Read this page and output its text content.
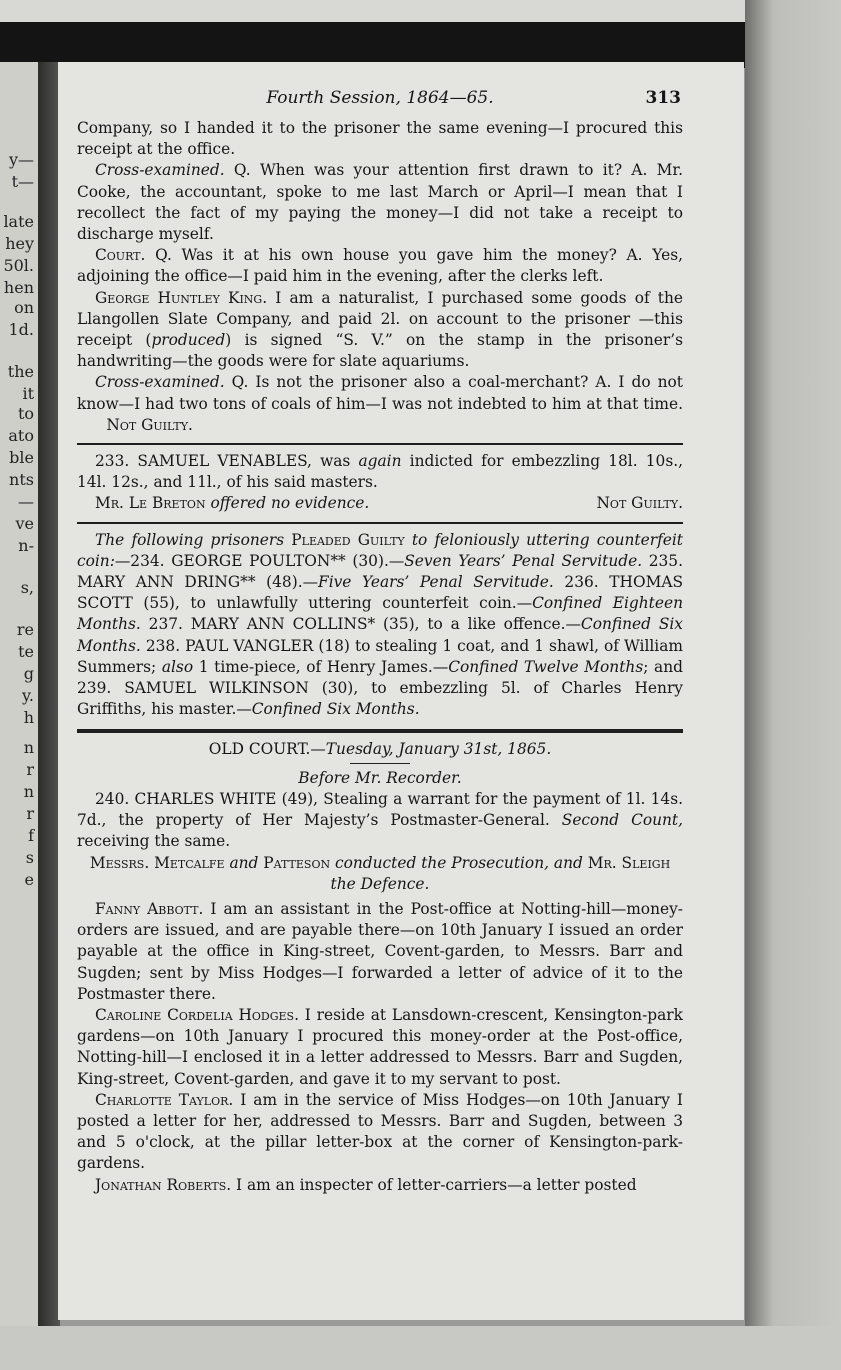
y—
t—
late
hey
50l.
hen
on
1d.
the
it
to
ato
ble
nts
—
ve
n-
s,
re
te
g
y.
h
n
r
n
r
f
s
e
Fourth Session, 1864—65.	313

Company, so I handed it to the prisoner the same evening—I procured this receipt at the office.

Cross-examined. Q. When was your attention first drawn to it? A. Mr. Cooke, the accountant, spoke to me last March or April—I mean that I recollect the fact of my paying the money—I did not take a receipt to discharge myself.

Court. Q. Was it at his own house you gave him the money? A. Yes, adjoining the office—I paid him in the evening, after the clerks left.

George Huntley King. I am a naturalist, I purchased some goods of the Llangollen Slate Company, and paid 2l. on account to the prisoner —this receipt (produced) is signed “S. V.” on the stamp in the prisoner’s handwriting—the goods were for slate aquariums.

Cross-examined. Q. Is not the prisoner also a coal-merchant? A. I do not know—I had two tons of coals of him—I was not indebted to him at that time.       Not Guilty.

233. SAMUEL VENABLES, was again indicted for embezzling 18l. 10s., 14l. 12s., and 11l., of his said masters.

Mr. Le Breton offered no evidence.	Not Guilty.

The following prisoners Pleaded Guilty to feloniously uttering counterfeit coin:—234. GEORGE POULTON** (30).—Seven Years’ Penal Servitude. 235. MARY ANN DRING** (48).—Five Years’ Penal Servitude. 236. THOMAS SCOTT (55), to unlawfully uttering counterfeit coin.—Confined Eighteen Months. 237. MARY ANN COLLINS* (35), to a like offence.—Confined Six Months. 238. PAUL VANGLER (18) to stealing 1 coat, and 1 shawl, of William Summers; also 1 time-piece, of Henry James.—Confined Twelve Months; and 239. SAMUEL WILKINSON (30), to embezzling 5l. of Charles Henry Griffiths, his master.—Confined Six Months.

OLD COURT.—Tuesday, January 31st, 1865.

Before Mr. Recorder.

240. CHARLES WHITE (49), Stealing a warrant for the payment of 1l. 14s. 7d., the property of Her Majesty’s Postmaster-General. Second Count, receiving the same.

Messrs. Metcalfe and Patteson conducted the Prosecution, and Mr. Sleigh the Defence.

Fanny Abbott. I am an assistant in the Post-office at Notting-hill—money-orders are issued, and are payable there—on 10th January I issued an order payable at the office in King-street, Covent-garden, to Messrs. Barr and Sugden; sent by Miss Hodges—I forwarded a letter of advice of it to the Postmaster there.

Caroline Cordelia Hodges. I reside at Lansdown-crescent, Kensington-park gardens—on 10th January I procured this money-order at the Post-office, Notting-hill—I enclosed it in a letter addressed to Messrs. Barr and Sugden, King-street, Covent-garden, and gave it to my servant to post.

Charlotte Taylor. I am in the service of Miss Hodges—on 10th January I posted a letter for her, addressed to Messrs. Barr and Sugden, between 3 and 5 o'clock, at the pillar letter-box at the corner of Kensington-park-gardens.

Jonathan Roberts. I am an inspecter of letter-carriers—a letter posted
